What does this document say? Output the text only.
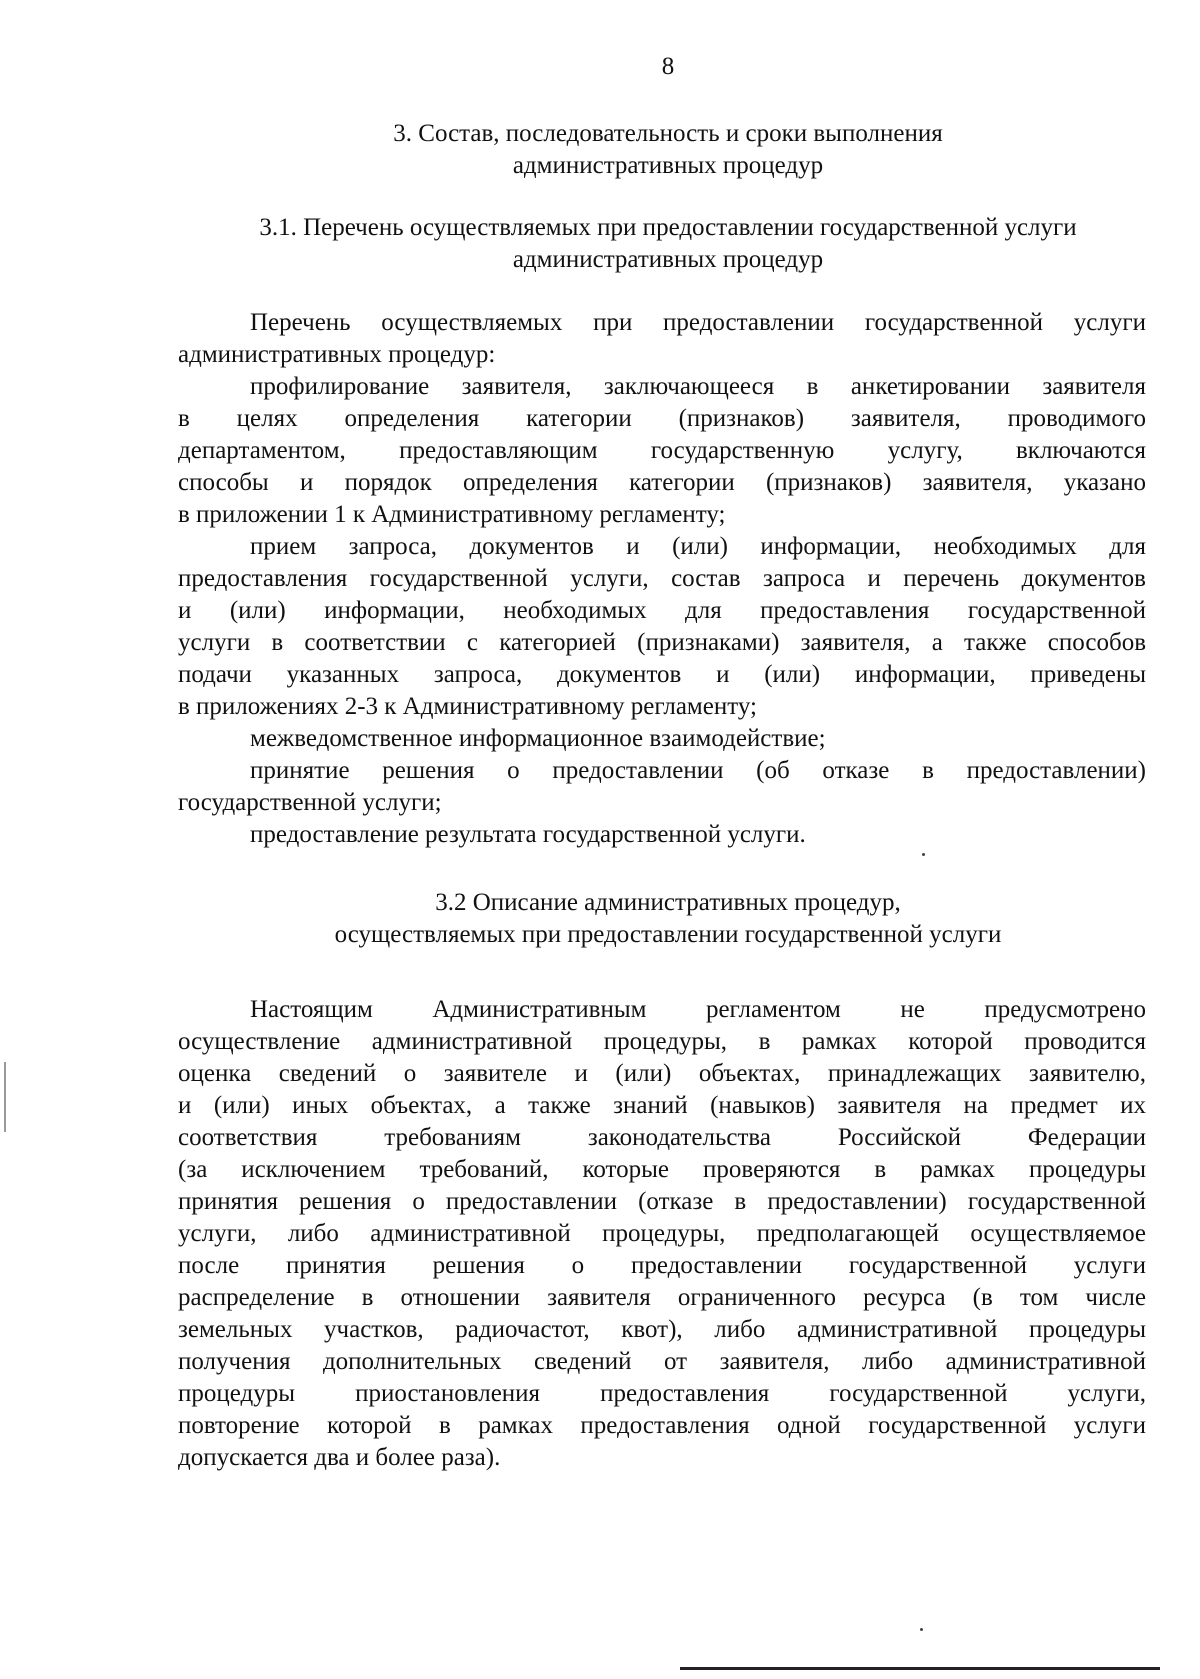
8
3. Состав, последовательность и сроки выполнения
административных процедур
3.1. Перечень осуществляемых при предоставлении государственной услуги
административных процедур
Перечень осуществляемых при предоставлении государственной услуги
административных процедур:
профилирование заявителя, заключающееся в анкетировании заявителя
в целях определения категории (признаков) заявителя, проводимого
департаментом, предоставляющим государственную услугу, включаются
способы и порядок определения категории (признаков) заявителя, указано
в приложении 1 к Административному регламенту;
прием запроса, документов и (или) информации, необходимых для
предоставления государственной услуги, состав запроса и перечень документов
и (или) информации, необходимых для предоставления государственной
услуги в соответствии с категорией (признаками) заявителя, а также способов
подачи указанных запроса, документов и (или) информации, приведены
в приложениях 2-3 к Административному регламенту;
межведомственное информационное взаимодействие;
принятие решения о предоставлении (об отказе в предоставлении)
государственной услуги;
предоставление результата государственной услуги.
3.2 Описание административных процедур,
осуществляемых при предоставлении государственной услуги
Настоящим Административным регламентом не предусмотрено
осуществление административной процедуры, в рамках которой проводится
оценка сведений о заявителе и (или) объектах, принадлежащих заявителю,
и (или) иных объектах, а также знаний (навыков) заявителя на предмет их
соответствия требованиям законодательства Российской Федерации
(за исключением требований, которые проверяются в рамках процедуры
принятия решения о предоставлении (отказе в предоставлении) государственной
услуги, либо административной процедуры, предполагающей осуществляемое
после принятия решения о предоставлении государственной услуги
распределение в отношении заявителя ограниченного ресурса (в том числе
земельных участков, радиочастот, квот), либо административной процедуры
получения дополнительных сведений от заявителя, либо административной
процедуры приостановления предоставления государственной услуги,
повторение которой в рамках предоставления одной государственной услуги
допускается два и более раза).
